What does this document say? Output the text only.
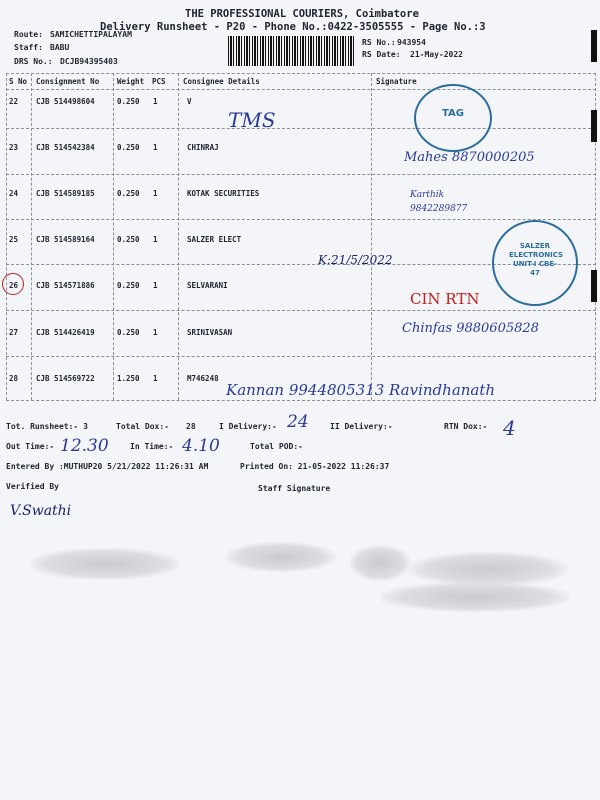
THE PROFESSIONAL COURIERS, Coimbatore
Delivery Runsheet - P20 - Phone No.:0422-3505555 - Page No.:3
Route: SAMICHETTIPALAYAM
Staff: BABU
DRS No.: DCJB94395403
RS No.: 943954
RS Date: 21-May-2022
S No Consignment No Weight PCS Consignee Details	Signature
22 CJB 514498604	0.250 1	V
TMS
23 CJB 514542384	0.250 1	CHINRAJ
Mahes 8870000205
24 CJB 514589185	0.250 1	KOTAK SECURITIES	Karthik 9842289877
25 CJB 514589164	0.250 1	SALZER ELECT
K:21/5/2022
26 CJB 514571886	0.250 1	SELVARANI
CIN RTN
27 CJB 514426419	0.250 1	SRINIVASAN	Chinfas 9880605828
28 CJB 514569722	1.250 1	M746248
Kannan 9944805313 Ravindhanath
TAG
SALZER ELECTRONICS UNIT-I CBE-47
Tot. Runsheet:- 3	Total Dox:- 28	I Delivery:- 24	II Delivery:-	RTN Dox:- 4
Out Time:- 12.30	In Time:- 4.10	Total POD:-
Entered By :MUTHUP20 5/21/2022 11:26:31 AM	Printed On: 21-05-2022 11:26:37
Verified By	Staff Signature
V.Swathi
